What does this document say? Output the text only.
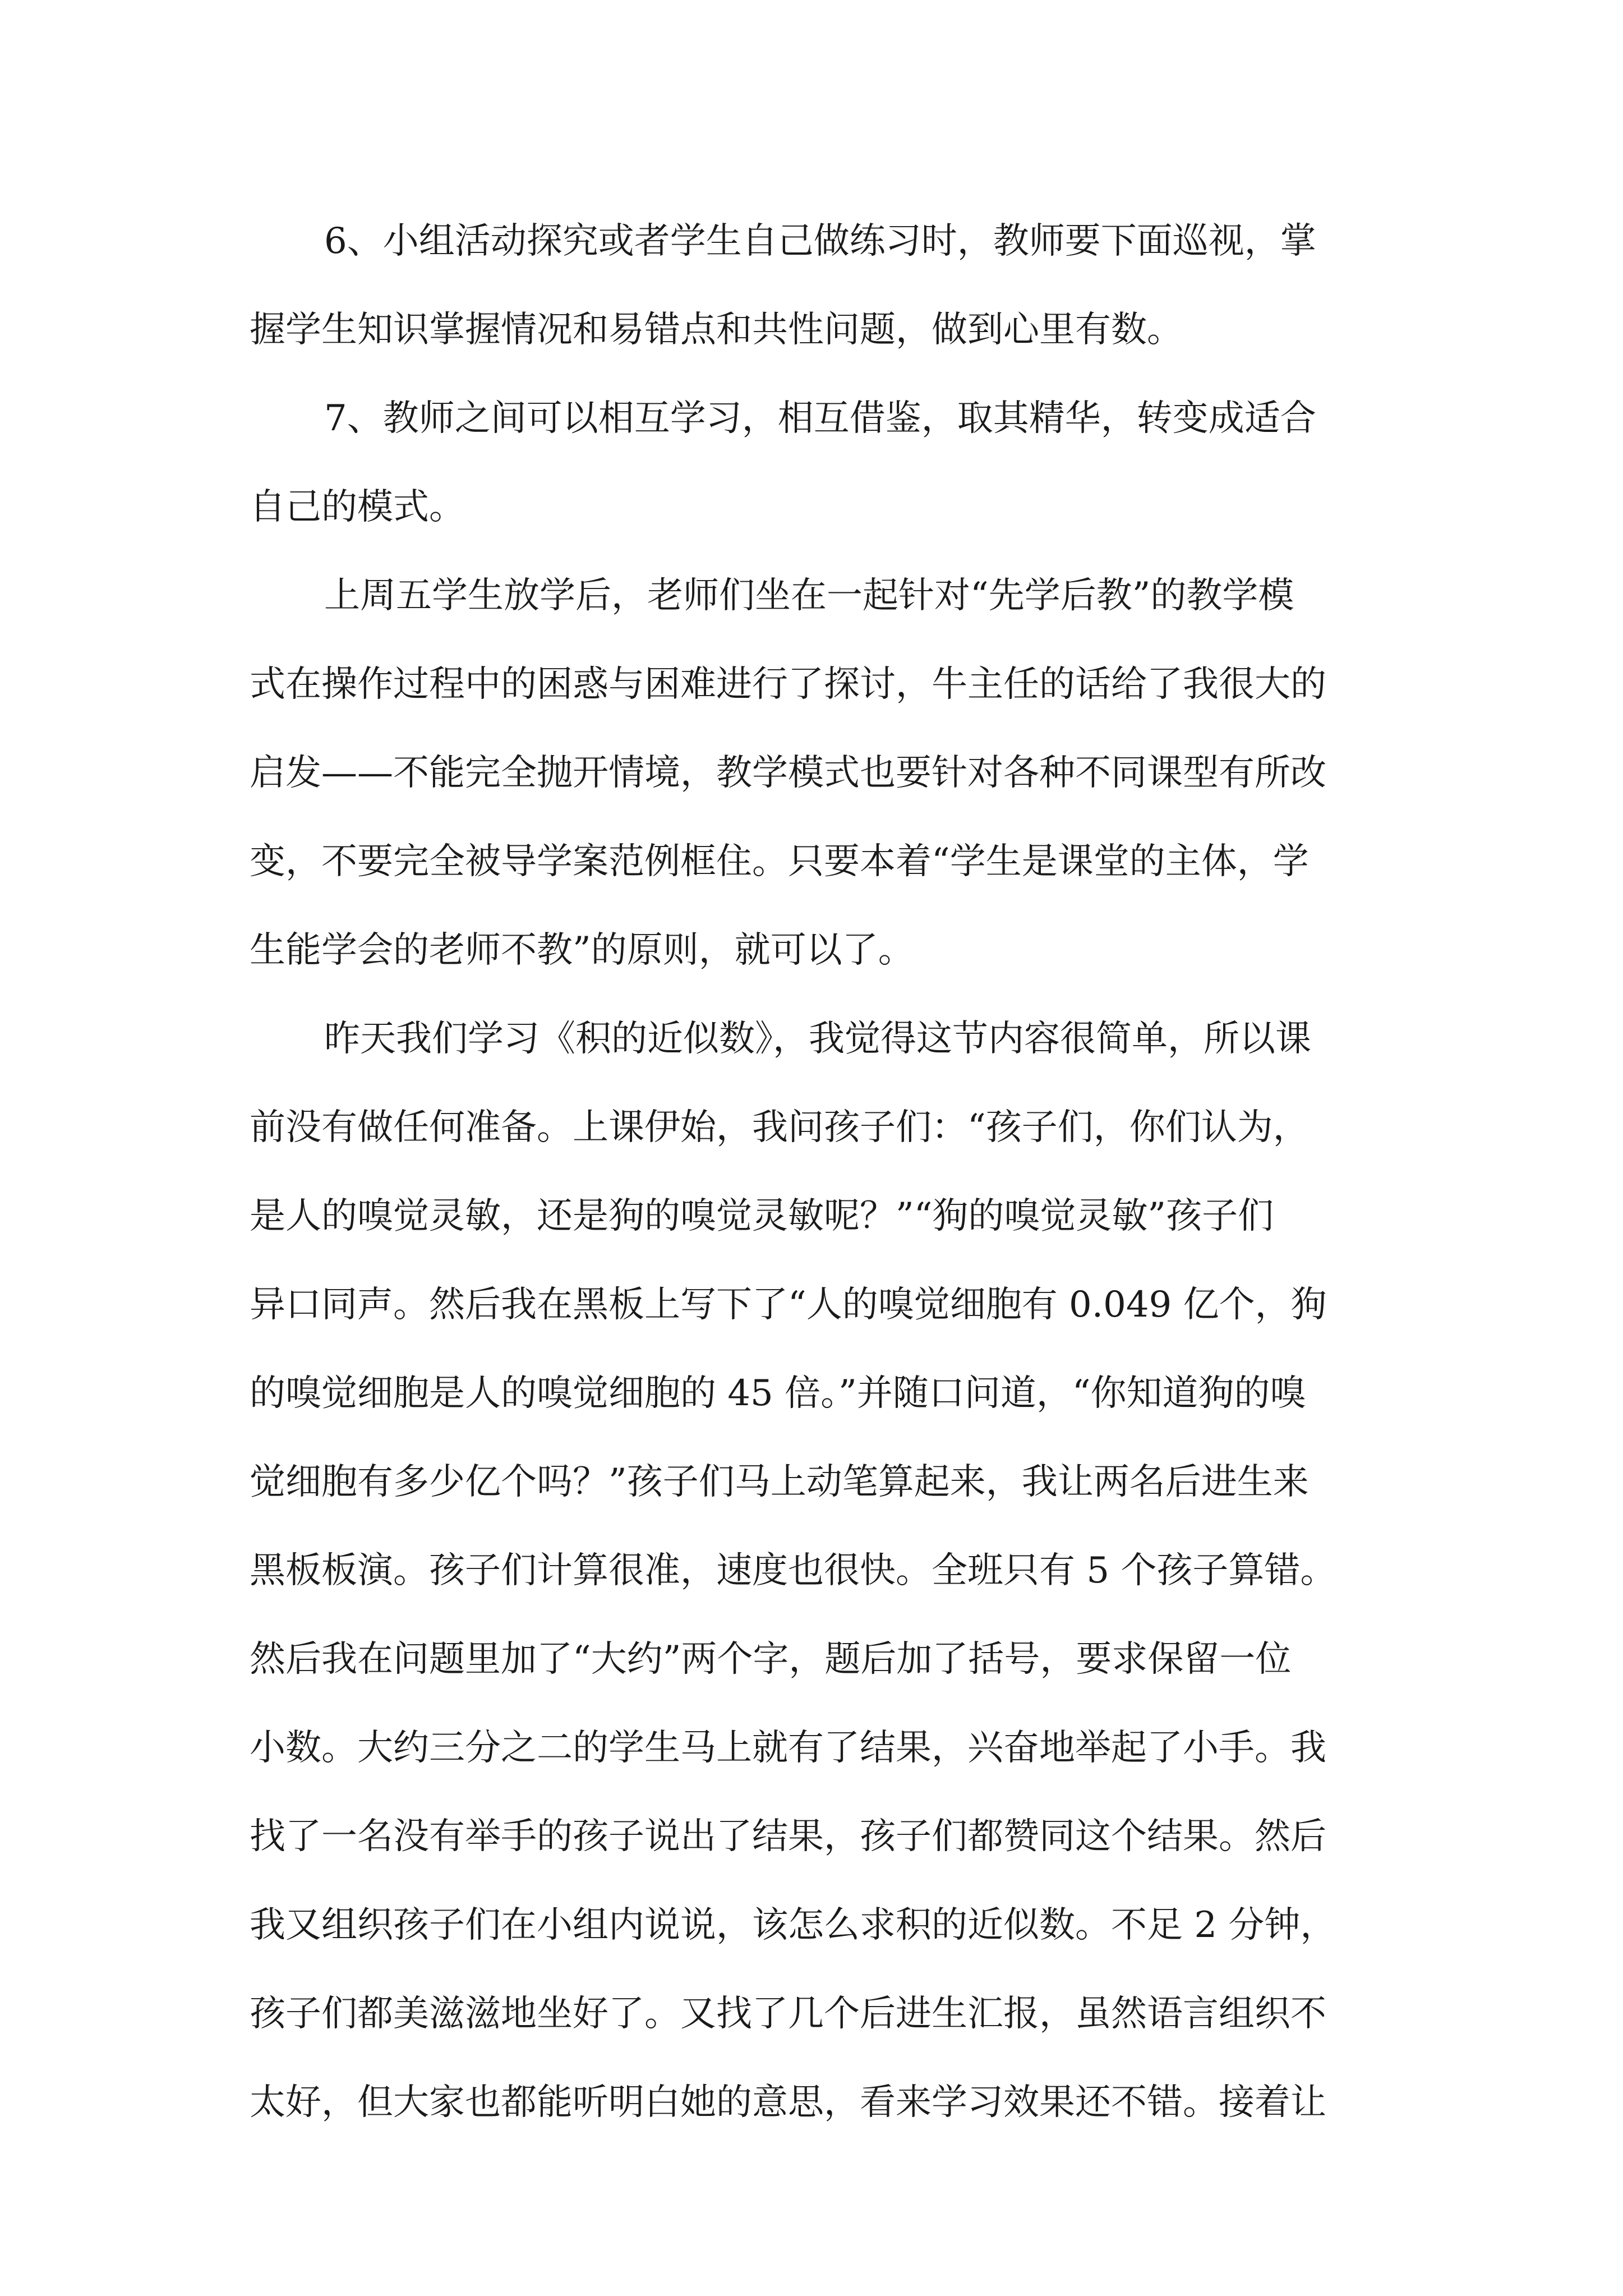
6、小组活动探究或者学生自己做练习时，教师要下面巡视，掌

握学生知识掌握情况和易错点和共性问题，做到心里有数。

7、教师之间可以相互学习，相互借鉴，取其精华，转变成适合

自己的模式。

上周五学生放学后，老师们坐在一起针对“先学后教”的教学模

式在操作过程中的困惑与困难进行了探讨，牛主任的话给了我很大的

启发——不能完全抛开情境，教学模式也要针对各种不同课型有所改

变，不要完全被导学案范例框住。只要本着“学生是课堂的主体，学

生能学会的老师不教”的原则，就可以了。

昨天我们学习《积的近似数》，我觉得这节内容很简单，所以课

前没有做任何准备。上课伊始，我问孩子们：“孩子们，你们认为，

是人的嗅觉灵敏，还是狗的嗅觉灵敏呢？”“狗的嗅觉灵敏”孩子们

异口同声。然后我在黑板上写下了“人的嗅觉细胞有 0.049 亿个，狗

的嗅觉细胞是人的嗅觉细胞的 45 倍。”并随口问道，“你知道狗的嗅

觉细胞有多少亿个吗？”孩子们马上动笔算起来，我让两名后进生来

黑板板演。孩子们计算很准，速度也很快。全班只有 5 个孩子算错。

然后我在问题里加了“大约”两个字，题后加了括号，要求保留一位

小数。大约三分之二的学生马上就有了结果，兴奋地举起了小手。我

找了一名没有举手的孩子说出了结果，孩子们都赞同这个结果。然后

我又组织孩子们在小组内说说，该怎么求积的近似数。不足 2 分钟，

孩子们都美滋滋地坐好了。又找了几个后进生汇报，虽然语言组织不

太好，但大家也都能听明白她的意思，看来学习效果还不错。接着让
